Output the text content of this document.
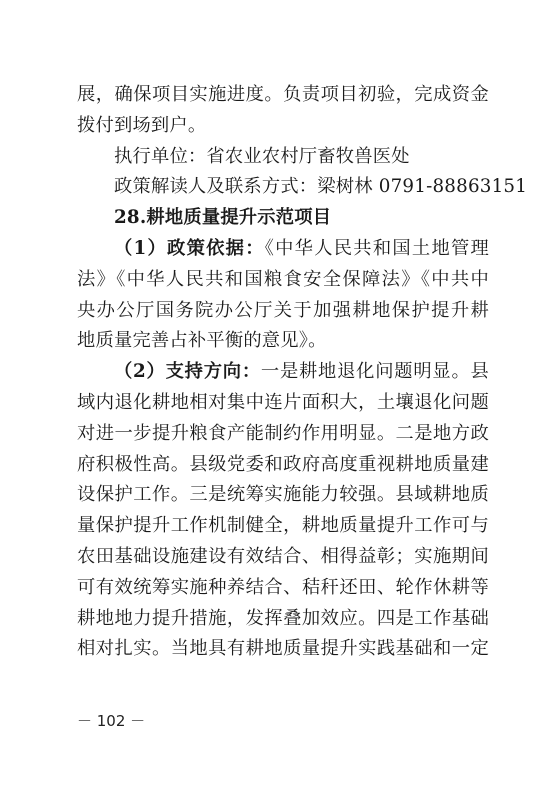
展，确保项目实施进度。负责项目初验，完成资金
拨付到场到户。
执行单位：省农业农村厅畜牧兽医处
政策解读人及联系方式：梁树林 0791-88863151
28.耕地质量提升示范项目
（1）政策依据：《中华人民共和国土地管理
法》《中华人民共和国粮食安全保障法》《中共中
央办公厅国务院办公厅关于加强耕地保护提升耕
地质量完善占补平衡的意见》。
（2）支持方向：一是耕地退化问题明显。县
域内退化耕地相对集中连片面积大，土壤退化问题
对进一步提升粮食产能制约作用明显。二是地方政
府积极性高。县级党委和政府高度重视耕地质量建
设保护工作。三是统筹实施能力较强。县域耕地质
量保护提升工作机制健全，耕地质量提升工作可与
农田基础设施建设有效结合、相得益彰；实施期间
可有效统筹实施种养结合、秸秆还田、轮作休耕等
耕地地力提升措施，发挥叠加效应。四是工作基础
相对扎实。当地具有耕地质量提升实践基础和一定
－ 102 －
